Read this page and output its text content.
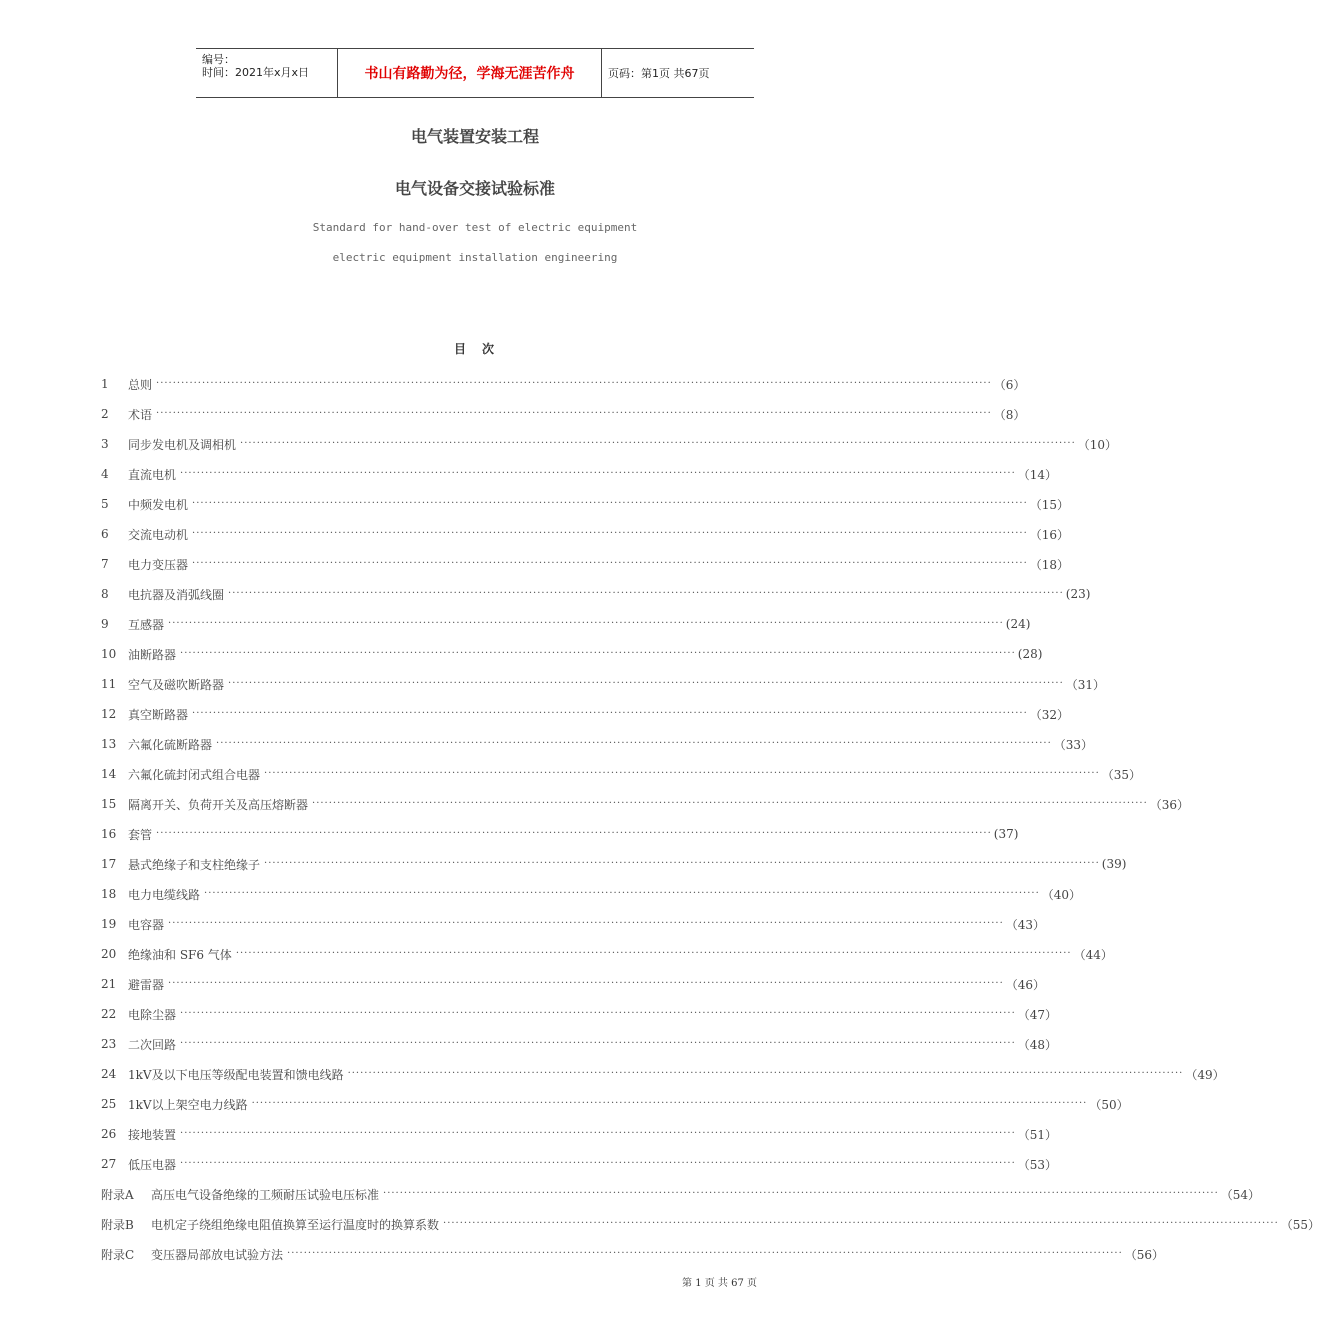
编号：
时间：2021年x月x日	书山有路勤为径，学海无涯苦作舟	页码：第1页 共67页
电气装置安装工程
电气设备交接试验标准
Standard for hand-over test of electric equipment
electric equipment installation engineering
目次
1	总则 ········································································································································································································ （6）
2	术语 ········································································································································································································ （8）
3	同步发电机及调相机 ········································································································································································································ （10）
4	直流电机 ········································································································································································································ （14）
5	中频发电机 ········································································································································································································ （15）
6	交流电动机 ········································································································································································································ （16）
7	电力变压器 ········································································································································································································ （18）
8	电抗器及消弧线圈 ········································································································································································································ (23)
9	互感器 ········································································································································································································ (24)
10 油断路器 ········································································································································································································ (28)
11 空气及磁吹断路器 ········································································································································································································ （31）
12 真空断路器 ········································································································································································································ （32）
13 六氟化硫断路器 ········································································································································································································ （33）
14 六氟化硫封闭式组合电器 ········································································································································································································ （35）
15 隔离开关、负荷开关及高压熔断器 ········································································································································································································ （36）
16 套管 ········································································································································································································ (37)
17 悬式绝缘子和支柱绝缘子 ········································································································································································································ (39)
18 电力电缆线路 ········································································································································································································ （40）
19 电容器 ········································································································································································································ （43）
20 绝缘油和 SF6 气体 ········································································································································································································ （44）
21 避雷器 ········································································································································································································ （46）
22 电除尘器 ········································································································································································································ （47）
23 二次回路 ········································································································································································································ （48）
24 1kV及以下电压等级配电装置和馈电线路 ········································································································································································································ （49）
25 1kV以上架空电力线路 ········································································································································································································ （50）
26 接地装置 ········································································································································································································ （51）
27 低压电器 ········································································································································································································ （53）
附录A	高压电气设备绝缘的工频耐压试验电压标准 ········································································································································································································ （54）
附录B	电机定子绕组绝缘电阻值换算至运行温度时的换算系数 ········································································································································································································ （55）
附录C	变压器局部放电试验方法 ········································································································································································································ （56）
第 1 页 共 67 页
